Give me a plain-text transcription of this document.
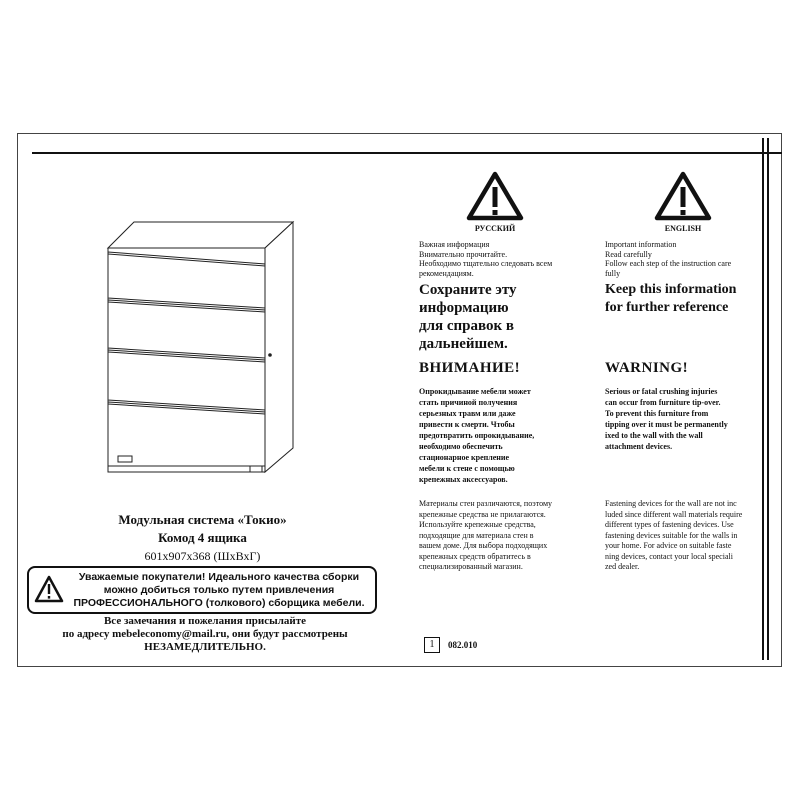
Модульная система «Токио»

Комод 4 ящика

601x907x368 (ШхВхГ)

Уважаемые покупатели! Идеального качества сборки
можно добиться только путем привлечения
ПРОФЕССИОНАЛЬНОГО (толкового) сборщика мебели.
Все замечания и пожелания присылайте
по адресу mebeleconomy@mail.ru, они будут рассмотрены
НЕЗАМЕДЛИТЕЛЬНО.

РУССКИЙ

Важная информация
Внимательно прочитайте.
Необходимо тщательно следовать всем
рекомендациям.
Сохраните эту
информацию
для справок в
дальнейшем.

ВНИМАНИЕ!

Опрокидывание мебели может
стать причиной получения
серьезных травм или даже
привести к смерти. Чтобы
предотвратить опрокидывание,
необходимо обеспечить
стационарное крепление
мебели к стене с помощью
крепежных аксессуаров.
Материалы стен различаются, поэтому
крепежные средства не прилагаются.
Используйте крепежные средства,
подходящие для материала стен в
вашем доме. Для выбора подходящих
крепежных средств обратитесь в
специализированный магазин.

ENGLISH

Important information
Read carefully
Follow each step of the instruction care
fully
Keep this information
for further reference

WARNING!

Serious or fatal crushing injuries
can occur from furniture tip-over.
To prevent this furniture from
tipping over it must be permanently
ixed to the wall with the wall
attachment devices.
Fastening devices for the wall are not inc
luded since different wall materials require
different types of fastening devices. Use
fastening devices suitable for the walls in
your home. For advice on suitable faste
ning devices, contact your local speciali
zed dealer.
1	082.010
